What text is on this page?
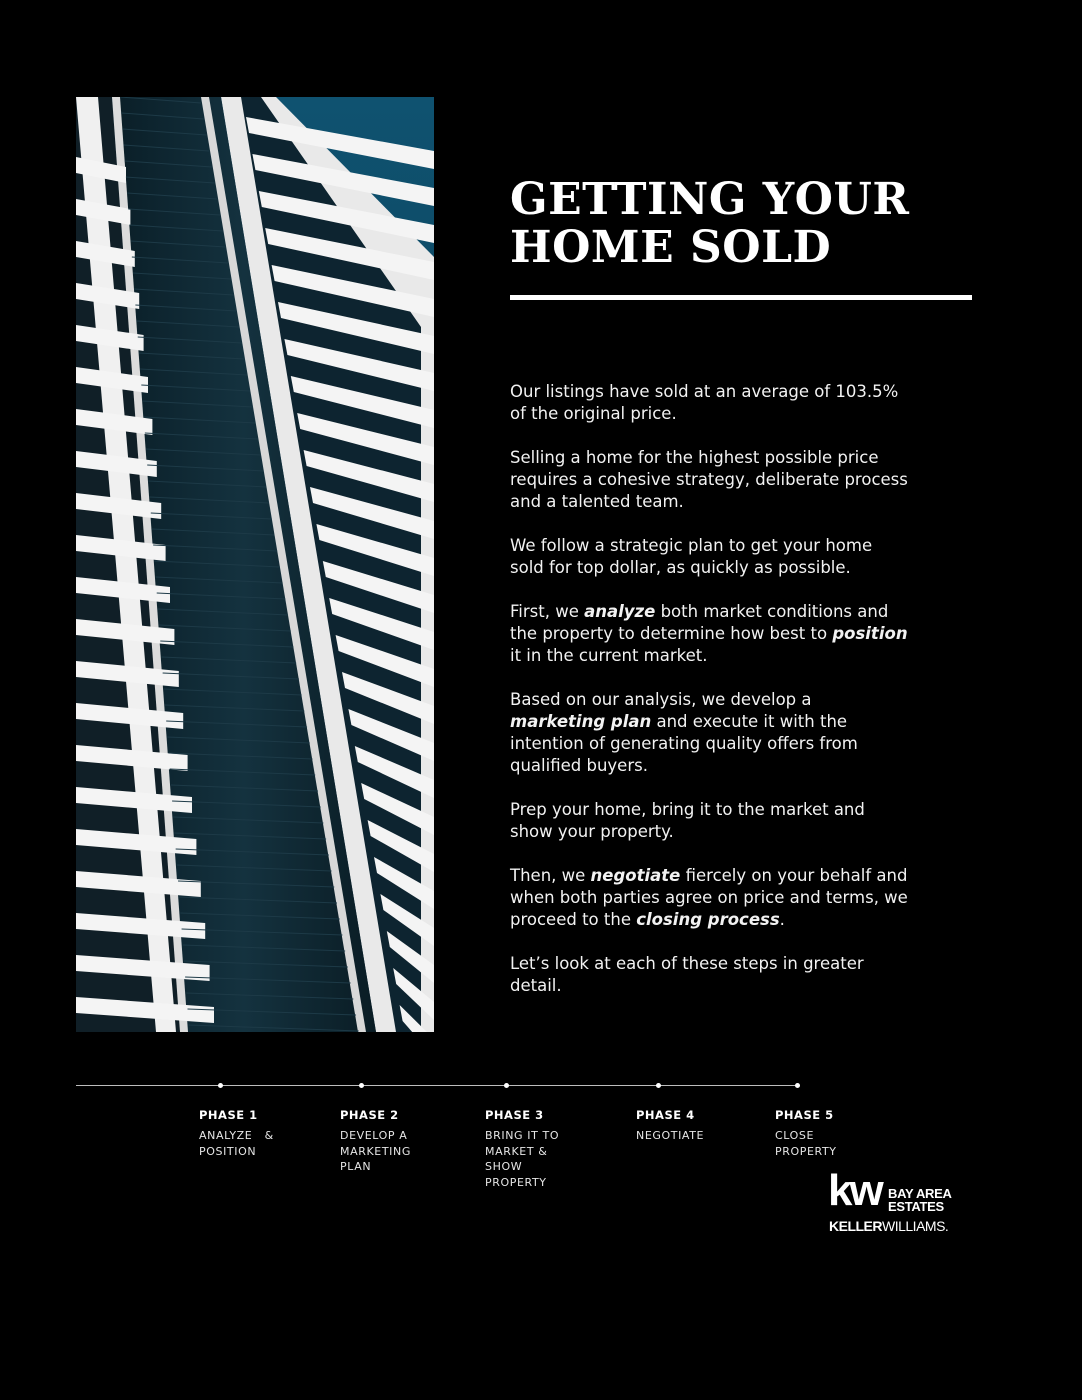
GETTING YOUR
HOME SOLD

Our listings have sold at an average of 103.5% of the original price.

Selling a home for the highest possible price requires a cohesive strategy, deliberate process and a talented team.

We follow a strategic plan to get your home sold for top dollar, as quickly as possible.

First, we analyze both market conditions and the property to determine how best to position it in the current market.

Based on our analysis, we develop a marketing plan and execute it with the intention of generating quality offers from qualified buyers.

Prep your home, bring it to the market and show your property.

Then, we negotiate fiercely on your behalf and when both parties agree on price and terms, we proceed to the closing process.

Let’s look at each of these steps in greater detail.

PHASE 1
ANALYZE   &
POSITION
PHASE 2
DEVELOP A
MARKETING
PLAN
PHASE 3
BRING IT TO
MARKET &
SHOW
PROPERTY
PHASE 4
NEGOTIATE
PHASE 5
CLOSE
PROPERTY
kw BAY AREA
ESTATES
KELLERWILLIAMS.
